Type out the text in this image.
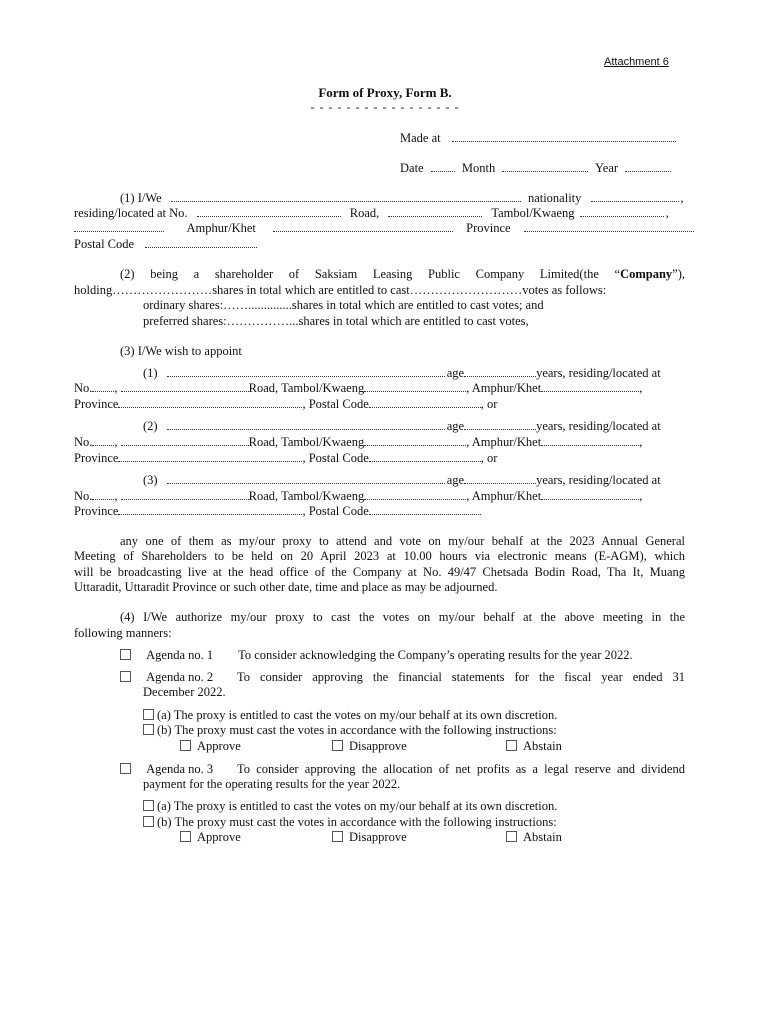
Attachment 6
Form of Proxy, Form B.
- - - - - - - - - - - - - - - - -
Made at
Date	Month	Year
(1) I/We	nationality	,
residing/located at No.	Road,	Tambol/Kwaeng	,
Amphur/Khet	Province
Postal Code
(2) being a shareholder of Saksiam Leasing Public Company Limited(the “Company”),
holding……………………shares in total which are entitled to cast………………………votes as follows:
ordinary shares:……..............shares in total which are entitled to cast votes; and
preferred shares:……………...shares in total which are entitled to cast votes,
(3) I/We wish to appoint
(1)	age	years, residing/located at
No. ,	Road, Tambol/Kwaeng	, Amphur/Khet	,
Province	, Postal Code	, or
(2)	age	years, residing/located at
No. ,	Road, Tambol/Kwaeng	, Amphur/Khet	,
Province	, Postal Code	, or
(3)	age	years, residing/located at
No. ,	Road, Tambol/Kwaeng	, Amphur/Khet	,
Province	, Postal Code
any one of them as my/our proxy to attend and vote on my/our behalf at the 2023 Annual General
Meeting of Shareholders to be held on 20 April 2023 at 10.00 hours via electronic means (E-AGM), which
will be broadcasting live at the head office of the Company at No. 49/47 Chetsada Bodin Road, Tha It, Muang
Uttaradit, Uttaradit Province or such other date, time and place as may be adjourned.
(4) I/We authorize my/our proxy to cast the votes on my/our behalf at the above meeting in the
following manners:
Agenda no. 1 To consider acknowledging the Company’s operating results for the year 2022.
Agenda no. 2	To consider approving the financial statements for the fiscal year ended 31
December 2022.
(a) The proxy is entitled to cast the votes on my/our behalf at its own discretion.
(b) The proxy must cast the votes in accordance with the following instructions:
Approve	Disapprove	Abstain
Agenda no. 3	To consider approving the allocation of net profits as a legal reserve and dividend
payment for the operating results for the year 2022.
(a) The proxy is entitled to cast the votes on my/our behalf at its own discretion.
(b) The proxy must cast the votes in accordance with the following instructions:
Approve	Disapprove	Abstain
